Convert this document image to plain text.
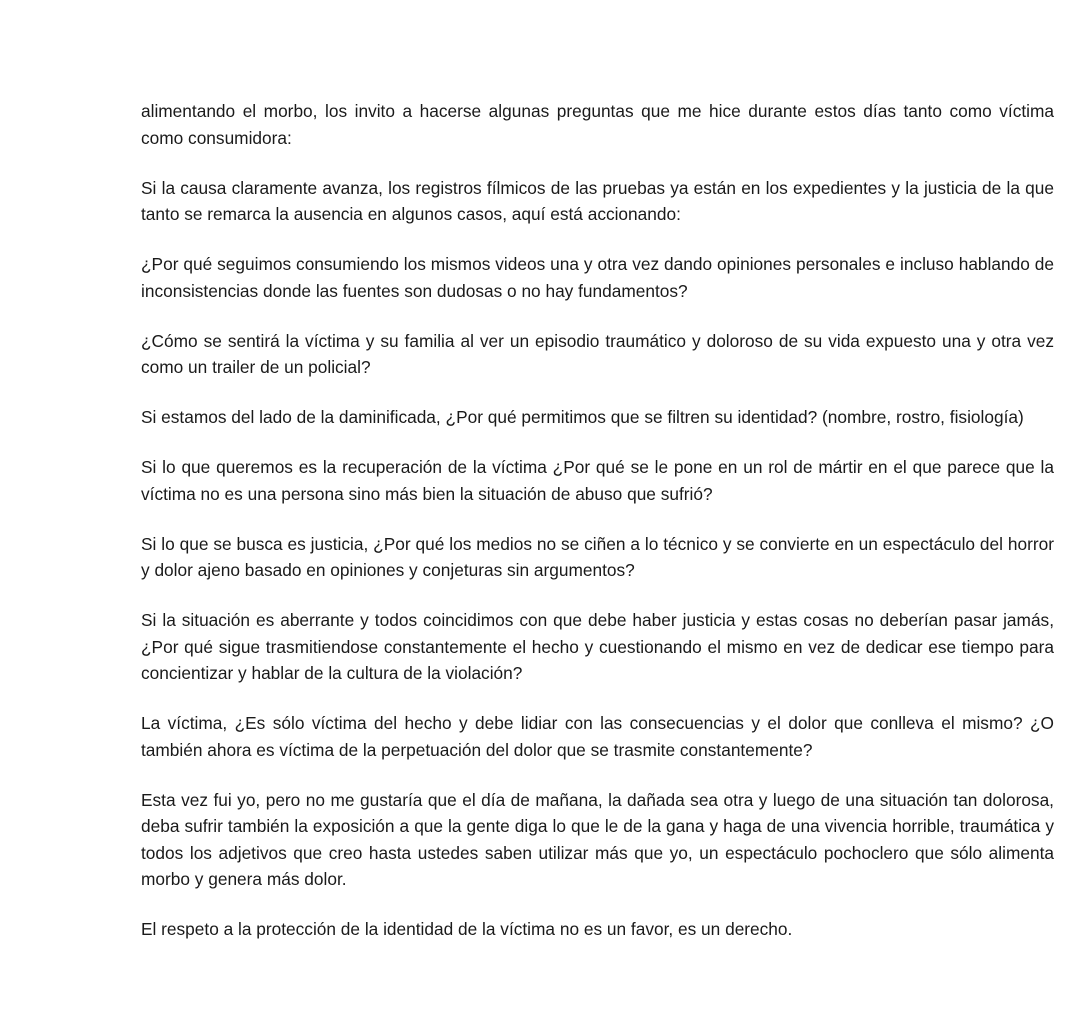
alimentando el morbo, los invito a hacerse algunas preguntas que me hice durante estos días tanto como víctima como consumidora:

Si la causa claramente avanza, los registros fílmicos de las pruebas ya están en los expedientes y la justicia de la que tanto se remarca la ausencia en algunos casos, aquí está accionando:

¿Por qué seguimos consumiendo los mismos videos una y otra vez dando opiniones personales e incluso hablando de inconsistencias donde las fuentes son dudosas o no hay fundamentos?

¿Cómo se sentirá la víctima y su familia al ver un episodio traumático y doloroso de su vida expuesto una y otra vez como un trailer de un policial?

Si estamos del lado de la daminificada, ¿Por qué permitimos que se filtren su identidad? (nombre, rostro, fisiología)

Si lo que queremos es la recuperación de la víctima ¿Por qué se le pone en un rol de mártir en el que parece que la víctima no es una persona sino más bien la situación de abuso que sufrió?

Si lo que se busca es justicia, ¿Por qué los medios no se ciñen a lo técnico y se convierte en un espectáculo del horror y dolor ajeno basado en opiniones y conjeturas sin argumentos?

Si la situación es aberrante y todos coincidimos con que debe haber justicia y estas cosas no deberían pasar jamás, ¿Por qué sigue trasmitiendose constantemente el hecho y cuestionando el mismo en vez de dedicar ese tiempo para concientizar y hablar de la cultura de la violación?

La víctima, ¿Es sólo víctima del hecho y debe lidiar con las consecuencias y el dolor que conlleva el mismo? ¿O también ahora es víctima de la perpetuación del dolor que se trasmite constantemente?

Esta vez fui yo, pero no me gustaría que el día de mañana, la dañada sea otra y luego de una situación tan dolorosa, deba sufrir también la exposición a que la gente diga lo que le de la gana y haga de una vivencia horrible, traumática y todos los adjetivos que creo hasta ustedes saben utilizar más que yo, un espectáculo pochoclero que sólo alimenta morbo y genera más dolor.

El respeto a la protección de la identidad de la víctima no es un favor, es un derecho.
